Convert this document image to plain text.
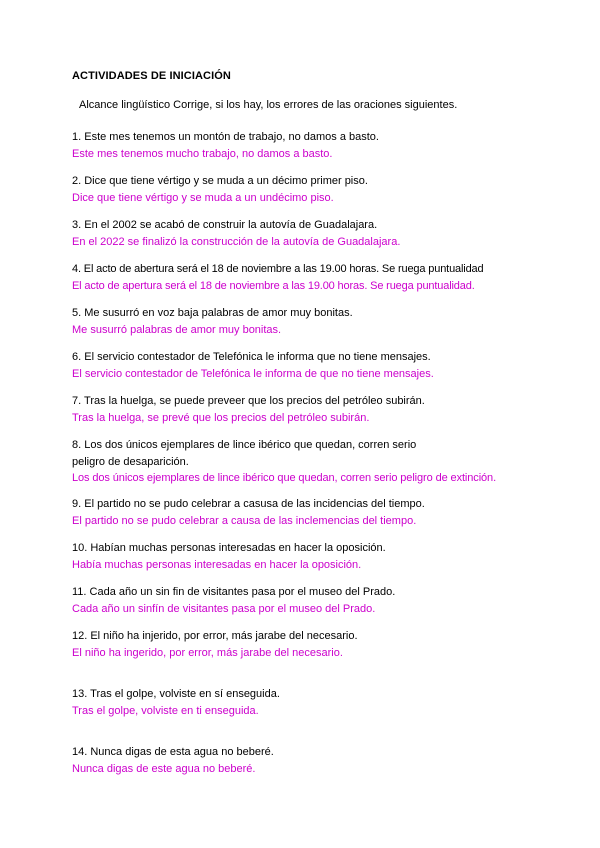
ACTIVIDADES DE INICIACIÓN
Alcance lingüístico Corrige, si los hay, los errores de las oraciones siguientes.
1. Este mes tenemos un montón de trabajo, no damos a basto.
Este mes tenemos mucho trabajo, no damos a basto.
2. Dice que tiene vértigo y se muda a un décimo primer piso.
Dice que tiene vértigo y se muda a un undécimo piso.
3. En el 2002 se acabó de construir la autovía de Guadalajara.
En el 2022 se finalizó la construcción de la autovía de Guadalajara.
4. El acto de abertura será el 18 de noviembre a las 19.00 horas. Se ruega puntualidad
El acto de apertura será el 18 de noviembre a las 19.00 horas. Se ruega puntualidad.
5. Me susurró en voz baja palabras de amor muy bonitas.
Me susurró palabras de amor muy bonitas.
6. El servicio contestador de Telefónica le informa que no tiene mensajes.
El servicio contestador de Telefónica le informa de que no tiene mensajes.
7. Tras la huelga, se puede preveer que los precios del petróleo subirán.
Tras la huelga, se prevé que los precios del petróleo subirán.
8. Los dos únicos ejemplares de lince ibérico que quedan, corren serio peligro de desaparición.
Los dos únicos ejemplares de lince ibérico que quedan, corren serio peligro de extinción.
9. El partido no se pudo celebrar a casusa de las incidencias del tiempo.
El partido no se pudo celebrar a causa de las inclemencias del tiempo.
10. Habían muchas personas interesadas en hacer la oposición.
Había muchas personas interesadas en hacer la oposición.
11. Cada año un sin fin de visitantes pasa por el museo del Prado.
Cada año un sinfín de visitantes pasa por el museo del Prado.
12. El niño ha injerido, por error, más jarabe del necesario.
El niño ha ingerido, por error, más jarabe del necesario.
13. Tras el golpe, volviste en sí enseguida.
Tras el golpe, volviste en ti enseguida.
14. Nunca digas de esta agua no beberé.
Nunca digas de este agua no beberé.
